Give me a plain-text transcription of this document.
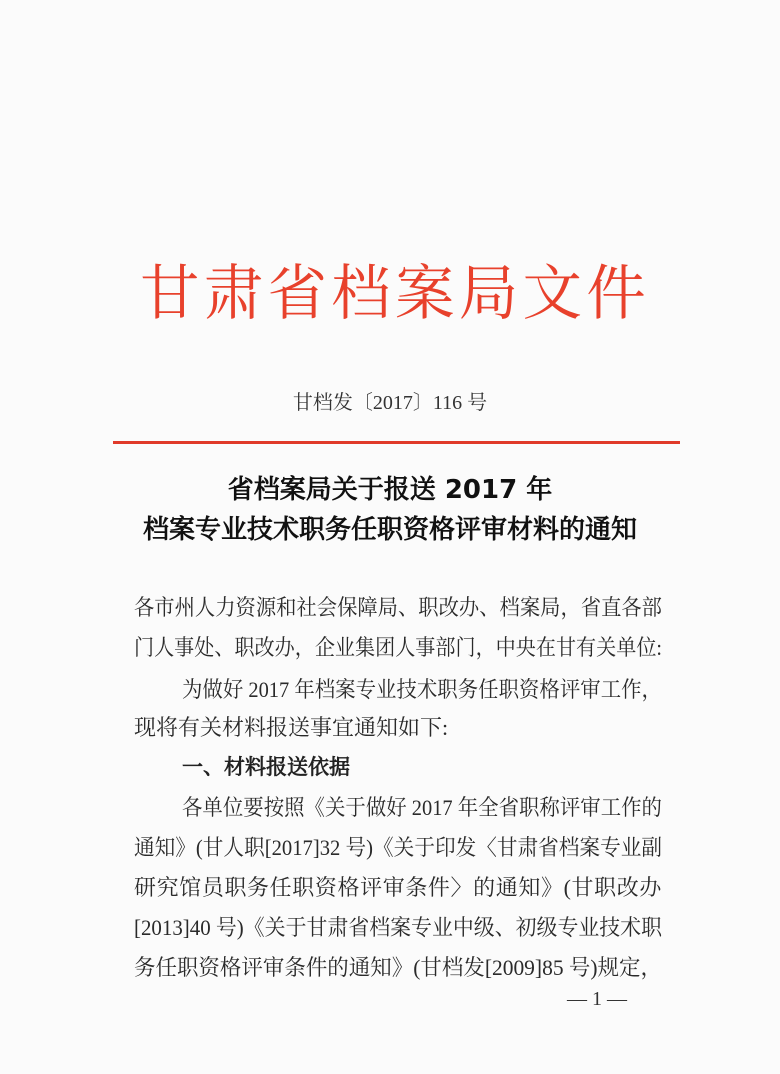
甘肃省档案局文件
甘档发〔2017〕116 号
省档案局关于报送 2017 年
档案专业技术职务任职资格评审材料的通知
各市州人力资源和社会保障局、职改办、档案局，省直各部
门人事处、职改办，企业集团人事部门，中央在甘有关单位:
为做好 2017 年档案专业技术职务任职资格评审工作，
现将有关材料报送事宜通知如下:
一、材料报送依据
各单位要按照《关于做好 2017 年全省职称评审工作的
通知》(甘人职[2017]32 号)《关于印发〈甘肃省档案专业副
研究馆员职务任职资格评审条件〉的通知》(甘职改办
[2013]40 号)《关于甘肃省档案专业中级、初级专业技术职
务任职资格评审条件的通知》(甘档发[2009]85 号)规定，
— 1 —
